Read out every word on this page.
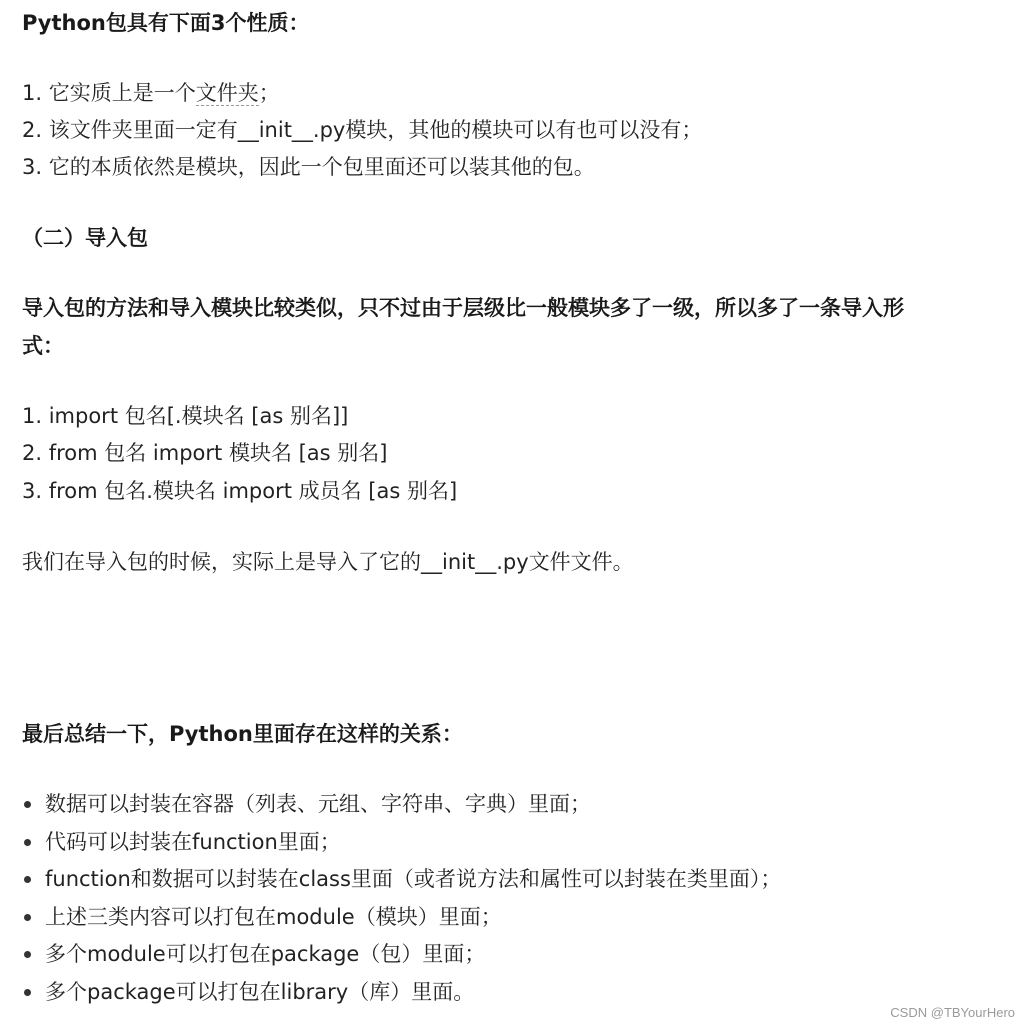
Python包具有下面3个性质：

1. 它实质上是一个文件夹；

2. 该文件夹里面一定有__init__.py模块，其他的模块可以有也可以没有；

3. 它的本质依然是模块，因此一个包里面还可以装其他的包。

（二）导入包

导入包的方法和导入模块比较类似，只不过由于层级比一般模块多了一级，所以多了一条导入形

式：

1. import 包名[.模块名 [as 别名]]

2. from 包名 import 模块名 [as 别名]

3. from 包名.模块名 import 成员名 [as 别名]

我们在导入包的时候，实际上是导入了它的__init__.py文件文件。

最后总结一下，Python里面存在这样的关系：

数据可以封装在容器（列表、元组、字符串、字典）里面；
代码可以封装在function里面；
function和数据可以封装在class里面（或者说方法和属性可以封装在类里面）；
上述三类内容可以打包在module（模块）里面；
多个module可以打包在package（包）里面；
多个package可以打包在library（库）里面。
CSDN @TBYourHero
